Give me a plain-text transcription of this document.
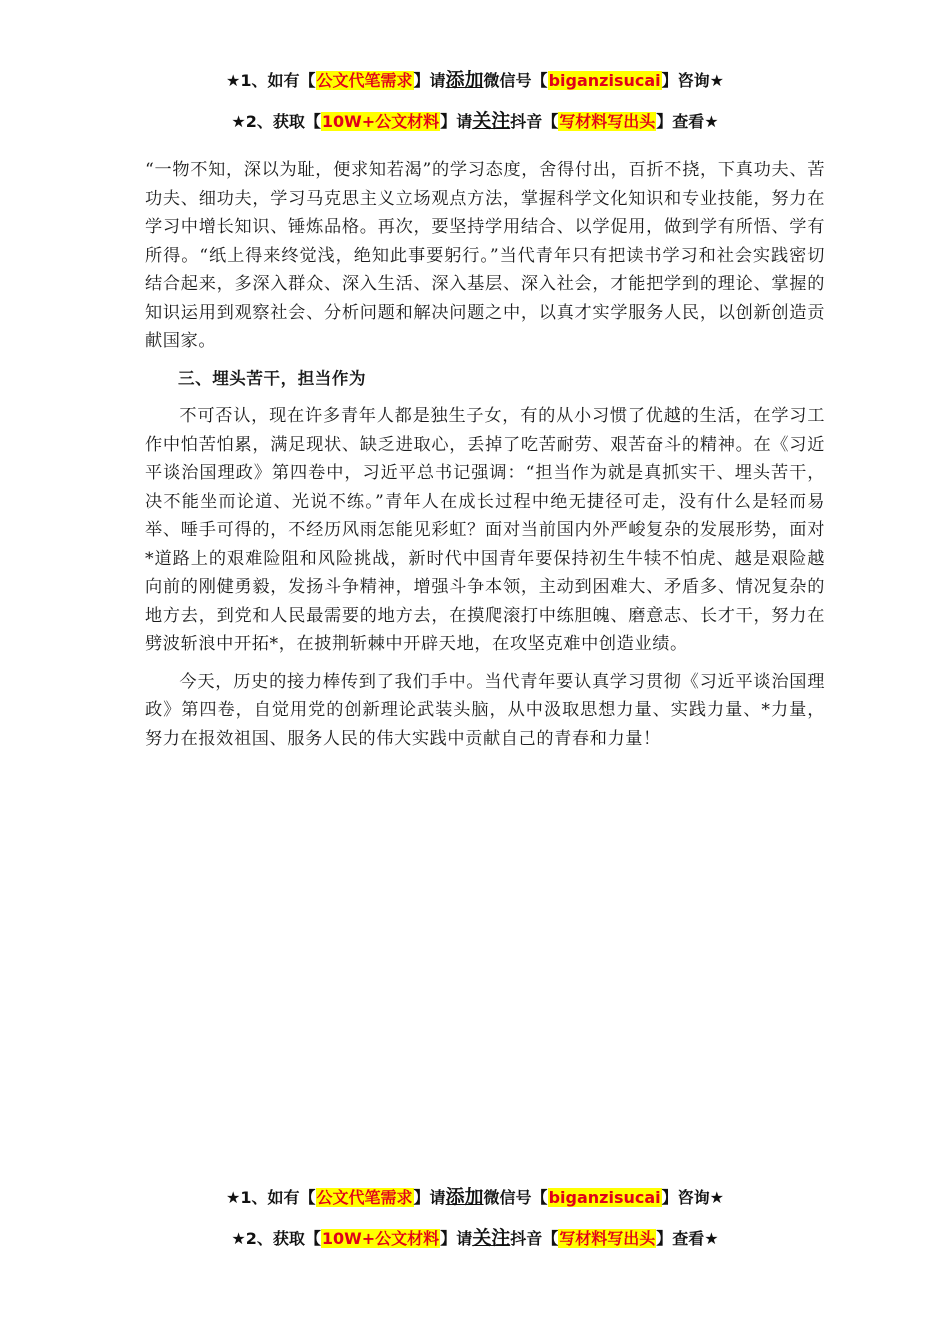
★1、如有【公文代笔需求】请添加微信号【biganzisucai】咨询★
★2、获取【10W+公文材料】请关注抖音【写材料写出头】查看★

“一物不知，深以为耻，便求知若渴”的学习态度，舍得付出，百折不挠，下真功夫、苦功夫、细功夫，学习马克思主义立场观点方法，掌握科学文化知识和专业技能，努力在学习中增长知识、锤炼品格。再次，要坚持学用结合、以学促用，做到学有所悟、学有所得。“纸上得来终觉浅，绝知此事要躬行。”当代青年只有把读书学习和社会实践密切结合起来，多深入群众、深入生活、深入基层、深入社会，才能把学到的理论、掌握的知识运用到观察社会、分析问题和解决问题之中，以真才实学服务人民，以创新创造贡献国家。

三、埋头苦干，担当作为

不可否认，现在许多青年人都是独生子女，有的从小习惯了优越的生活，在学习工作中怕苦怕累，满足现状、缺乏进取心，丢掉了吃苦耐劳、艰苦奋斗的精神。在《习近平谈治国理政》第四卷中，习近平总书记强调：“担当作为就是真抓实干、埋头苦干，决不能坐而论道、光说不练。”青年人在成长过程中绝无捷径可走，没有什么是轻而易举、唾手可得的，不经历风雨怎能见彩虹？面对当前国内外严峻复杂的发展形势，面对*道路上的艰难险阻和风险挑战，新时代中国青年要保持初生牛犊不怕虎、越是艰险越向前的刚健勇毅，发扬斗争精神，增强斗争本领，主动到困难大、矛盾多、情况复杂的地方去，到党和人民最需要的地方去，在摸爬滚打中练胆魄、磨意志、长才干，努力在劈波斩浪中开拓*，在披荆斩棘中开辟天地，在攻坚克难中创造业绩。

今天，历史的接力棒传到了我们手中。当代青年要认真学习贯彻《习近平谈治国理政》第四卷，自觉用党的创新理论武装头脑，从中汲取思想力量、实践力量、*力量，努力在报效祖国、服务人民的伟大实践中贡献自己的青春和力量！

★1、如有【公文代笔需求】请添加微信号【biganzisucai】咨询★
★2、获取【10W+公文材料】请关注抖音【写材料写出头】查看★
